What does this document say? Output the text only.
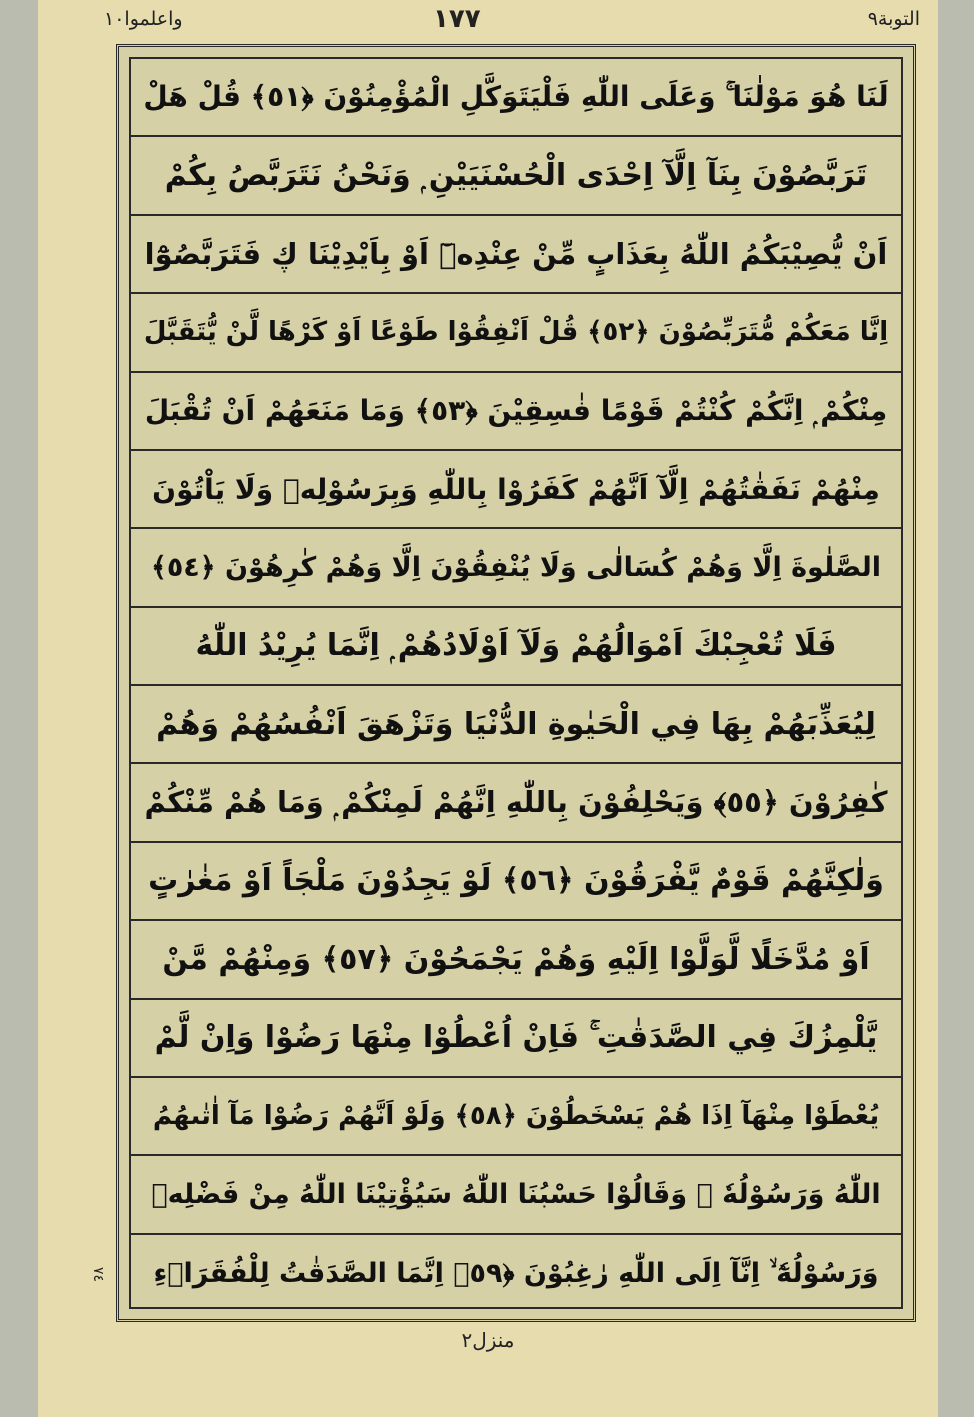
واعلموا١٠	١٧٧	التوبة٩
٧٤
لَنَا هُوَ مَوْلٰنَا ۚ وَعَلَى اللّٰهِ فَلْيَتَوَكَّلِ الْمُؤْمِنُوْنَ ﴿٥١﴾ قُلْ هَلْ
تَرَبَّصُوْنَ بِنَآ اِلَّآ اِحْدَى الْحُسْنَيَيْنِ ۭ وَنَحْنُ نَتَرَبَّصُ بِكُمْ
اَنْ يُّصِيْبَكُمُ اللّٰهُ بِعَذَابٍ مِّنْ عِنْدِهٖٓ اَوْ بِاَيْدِيْنَا ڮ فَتَرَبَّصُوْٓا
اِنَّا مَعَكُمْ مُّتَرَبِّصُوْنَ ﴿٥٢﴾ قُلْ اَنْفِقُوْا طَوْعًا اَوْ كَرْهًا لَّنْ يُّتَقَبَّلَ
مِنْكُمْ ۭ اِنَّكُمْ كُنْتُمْ قَوْمًا فٰسِقِيْنَ ﴿٥٣﴾ وَمَا مَنَعَهُمْ اَنْ تُقْبَلَ
مِنْهُمْ نَفَقٰتُهُمْ اِلَّآ اَنَّهُمْ كَفَرُوْا بِاللّٰهِ وَبِرَسُوْلِهٖ وَلَا يَاْتُوْنَ
الصَّلٰوةَ اِلَّا وَهُمْ كُسَالٰى وَلَا يُنْفِقُوْنَ اِلَّا وَهُمْ كٰرِهُوْنَ ﴿٥٤﴾
فَلَا تُعْجِبْكَ اَمْوَالُهُمْ وَلَآ اَوْلَادُهُمْ ۭ اِنَّمَا يُرِيْدُ اللّٰهُ
لِيُعَذِّبَهُمْ بِهَا فِي الْحَيٰوةِ الدُّنْيَا وَتَزْهَقَ اَنْفُسُهُمْ وَهُمْ
كٰفِرُوْنَ ﴿٥٥﴾ وَيَحْلِفُوْنَ بِاللّٰهِ اِنَّهُمْ لَمِنْكُمْ ۭ وَمَا هُمْ مِّنْكُمْ
وَلٰكِنَّهُمْ قَوْمٌ يَّفْرَقُوْنَ ﴿٥٦﴾ لَوْ يَجِدُوْنَ مَلْجَاً اَوْ مَغٰرٰتٍ
اَوْ مُدَّخَلًا لَّوَلَّوْا اِلَيْهِ وَهُمْ يَجْمَحُوْنَ ﴿٥٧﴾ وَمِنْهُمْ مَّنْ
يَّلْمِزُكَ فِي الصَّدَقٰتِ ۚ فَاِنْ اُعْطُوْا مِنْهَا رَضُوْا وَاِنْ لَّمْ
يُعْطَوْا مِنْهَآ اِذَا هُمْ يَسْخَطُوْنَ ﴿٥٨﴾ وَلَوْ اَنَّهُمْ رَضُوْا مَآ اٰتٰىهُمُ
اللّٰهُ وَرَسُوْلُهٗ ۙ وَقَالُوْا حَسْبُنَا اللّٰهُ سَيُؤْتِيْنَا اللّٰهُ مِنْ فَضْلِهٖ
وَرَسُوْلُهٗٓ ۙ اِنَّآ اِلَى اللّٰهِ رٰغِبُوْنَ ﴿٥٩﴾ اِنَّمَا الصَّدَقٰتُ لِلْفُقَرَاۗءِ
منزل٢
